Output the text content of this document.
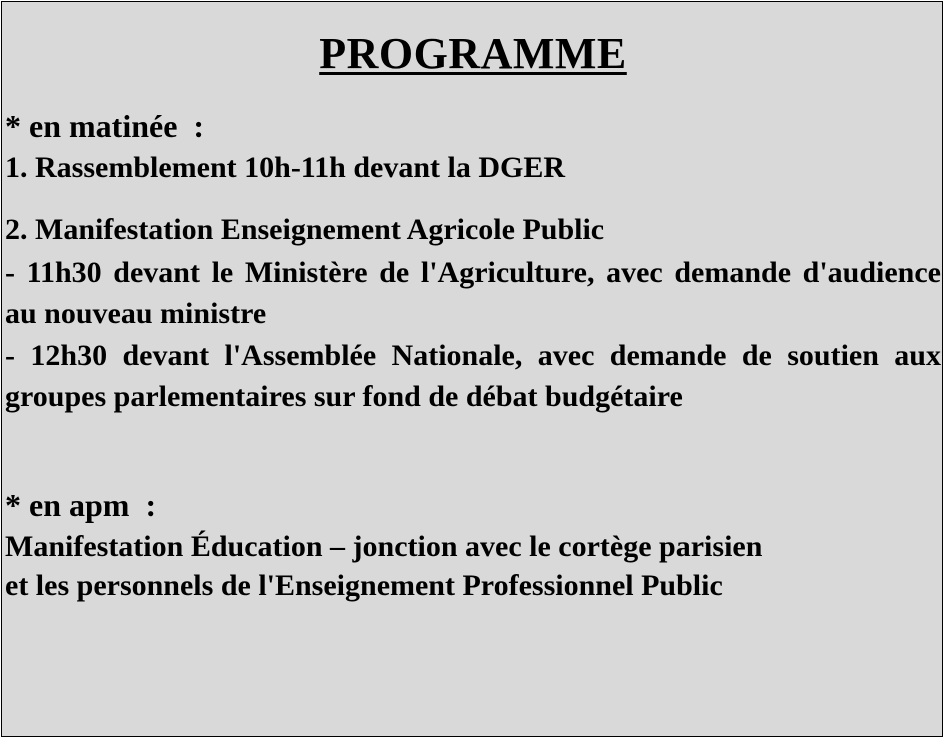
PROGRAMME
* en matinée  :
1. Rassemblement 10h-11h devant la DGER
2. Manifestation Enseignement Agricole Public
- 11h30 devant le Ministère de l'Agriculture, avec demande d'audience au nouveau ministre
- 12h30 devant l'Assemblée Nationale, avec demande de soutien aux groupes parlementaires sur fond de débat budgétaire
* en apm  :
Manifestation Éducation – jonction avec le cortège parisien
et les personnels de l'Enseignement Professionnel Public
